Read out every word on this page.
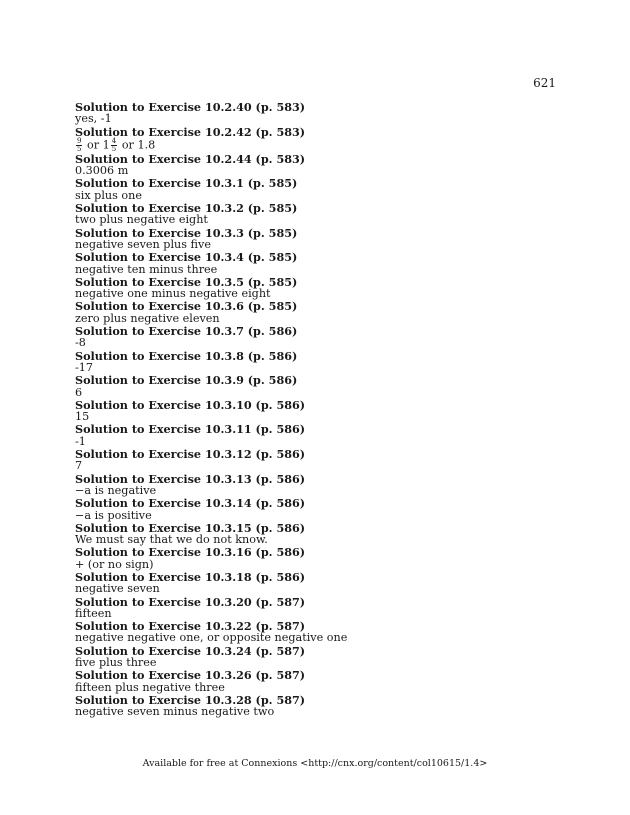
621
Solution to Exercise 10.2.40 (p. 583)
yes, -1
Solution to Exercise 10.2.42 (p. 583)
$\frac{9}{5}$ or $1 \frac{4}{5}$ or 1.8
Solution to Exercise 10.2.44 (p. 583)
0.3006 m
Solution to Exercise 10.3.1 (p. 585)
six plus one
Solution to Exercise 10.3.2 (p. 585)
two plus negative eight
Solution to Exercise 10.3.3 (p. 585)
negative seven plus five
Solution to Exercise 10.3.4 (p. 585)
negative ten minus three
Solution to Exercise 10.3.5 (p. 585)
negative one minus negative eight
Solution to Exercise 10.3.6 (p. 585)
zero plus negative eleven
Solution to Exercise 10.3.7 (p. 586)
-8
Solution to Exercise 10.3.8 (p. 586)
-17
Solution to Exercise 10.3.9 (p. 586)
6
Solution to Exercise 10.3.10 (p. 586)
15
Solution to Exercise 10.3.11 (p. 586)
-1
Solution to Exercise 10.3.12 (p. 586)
7
Solution to Exercise 10.3.13 (p. 586)
−a is negative
Solution to Exercise 10.3.14 (p. 586)
−a is positive
Solution to Exercise 10.3.15 (p. 586)
We must say that we do not know.
Solution to Exercise 10.3.16 (p. 586)
+ (or no sign)
Solution to Exercise 10.3.18 (p. 586)
negative seven
Solution to Exercise 10.3.20 (p. 587)
fifteen
Solution to Exercise 10.3.22 (p. 587)
negative negative one, or opposite negative one
Solution to Exercise 10.3.24 (p. 587)
five plus three
Solution to Exercise 10.3.26 (p. 587)
fifteen plus negative three
Solution to Exercise 10.3.28 (p. 587)
negative seven minus negative two
Available for free at Connexions <http://cnx.org/content/col10615/1.4>
